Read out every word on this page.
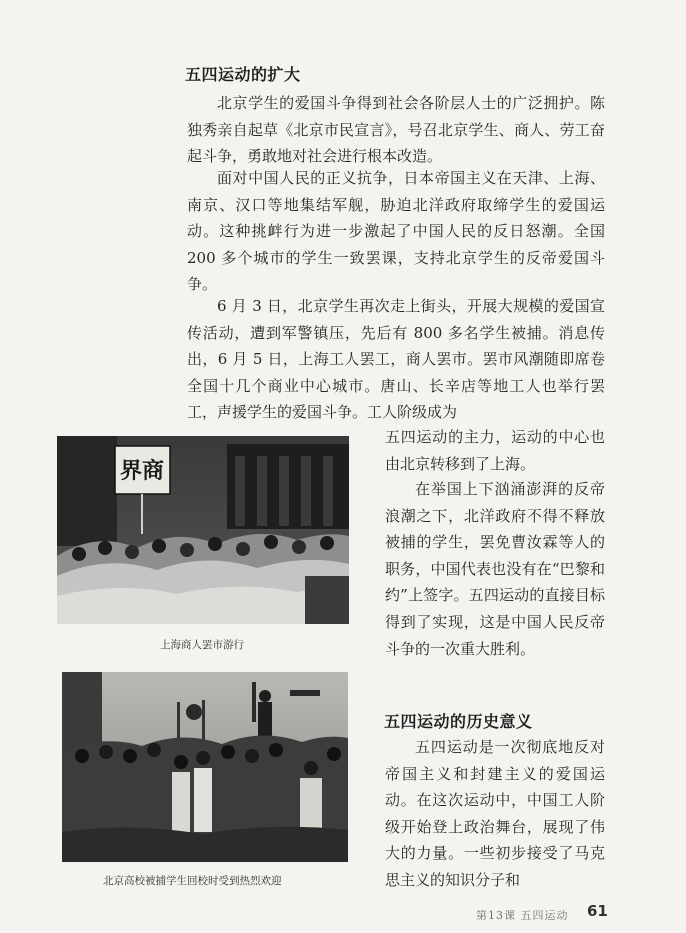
五四运动的扩大

北京学生的爱国斗争得到社会各阶层人士的广泛拥护。陈独秀亲自起草《北京市民宣言》，号召北京学生、商人、劳工奋起斗争，勇敢地对社会进行根本改造。

面对中国人民的正义抗争，日本帝国主义在天津、上海、南京、汉口等地集结军舰，胁迫北洋政府取缔学生的爱国运动。这种挑衅行为进一步激起了中国人民的反日怒潮。全国 200 多个城市的学生一致罢课，支持北京学生的反帝爱国斗争。

6 月 3 日，北京学生再次走上街头，开展大规模的爱国宣传活动，遭到军警镇压，先后有 800 多名学生被捕。消息传出，6 月 5 日，上海工人罢工，商人罢市。罢市风潮随即席卷全国十几个商业中心城市。唐山、长辛店等地工人也举行罢工，声援学生的爱国斗争。工人阶级成为

五四运动的主力，运动的中心也由北京转移到了上海。

在举国上下汹涌澎湃的反帝浪潮之下，北洋政府不得不释放被捕的学生，罢免曹汝霖等人的职务，中国代表也没有在“巴黎和约”上签字。五四运动的直接目标得到了实现，这是中国人民反帝斗争的一次重大胜利。

界商
上海商人罢市游行
北京高校被捕学生回校时受到热烈欢迎
五四运动的历史意义

五四运动是一次彻底地反对帝国主义和封建主义的爱国运动。在这次运动中，中国工人阶级开始登上政治舞台，展现了伟大的力量。一些初步接受了马克思主义的知识分子和

第13课 五四运动 61
